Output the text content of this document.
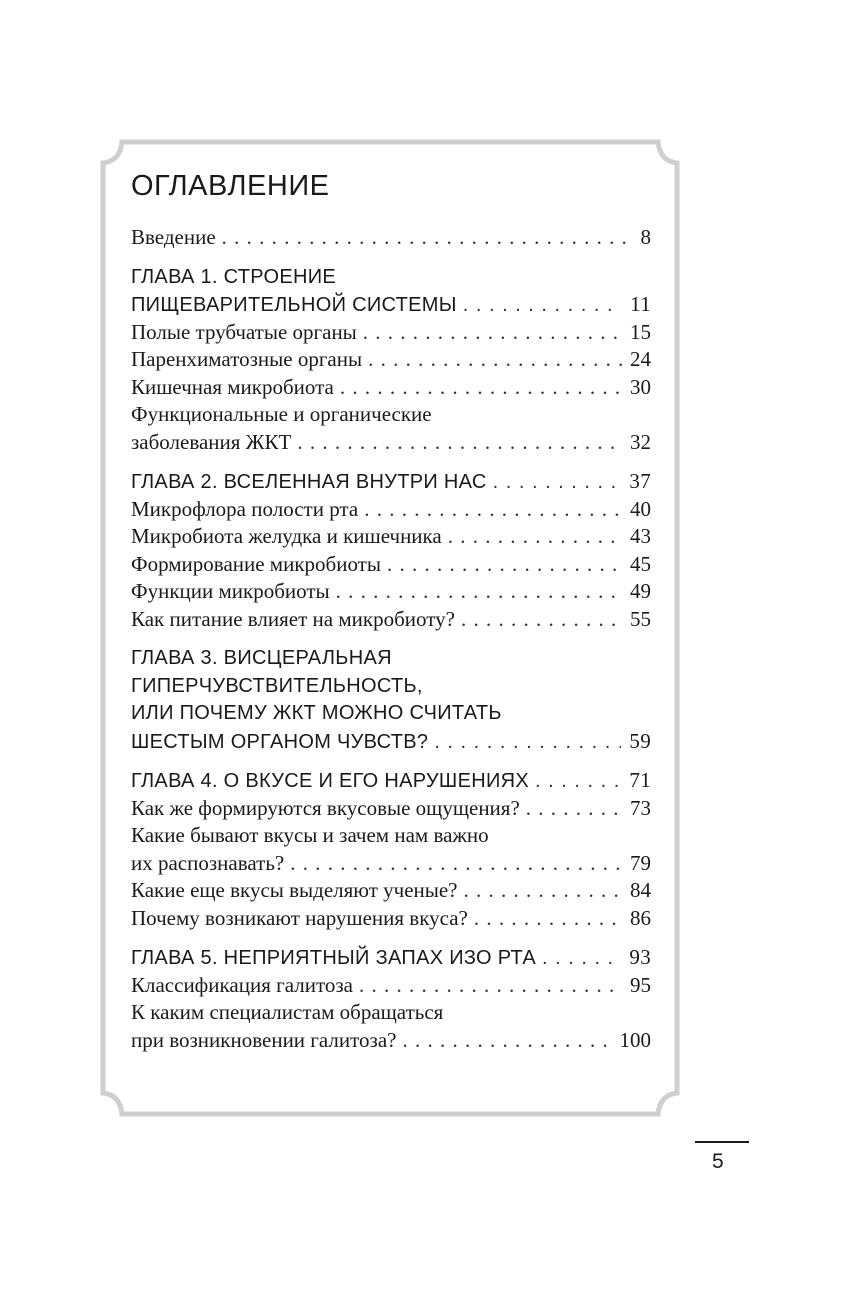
ОГЛАВЛЕНИЕ
Введение . . .	8
ГЛАВА 1. СТРОЕНИЕ
ПИЩЕВАРИТЕЛЬНОЙ СИСТЕМЫ . . .	11
Полые трубчатые органы . . .	15
Паренхиматозные органы . . .	24
Кишечная микробиота . . .	30
Функциональные и органические
заболевания ЖКТ . . .	32
ГЛАВА 2. ВСЕЛЕННАЯ ВНУТРИ НАС . . .	37
Микрофлора полости рта . . .	40
Микробиота желудка и кишечника . . .	43
Формирование микробиоты . . .	45
Функции микробиоты . . .	49
Как питание влияет на микробиоту? . . .	55
ГЛАВА 3. ВИСЦЕРАЛЬНАЯ
ГИПЕРЧУВСТВИТЕЛЬНОСТЬ,
ИЛИ ПОЧЕМУ ЖКТ МОЖНО СЧИТАТЬ
ШЕСТЫМ ОРГАНОМ ЧУВСТВ? . . .	59
ГЛАВА 4. О ВКУСЕ И ЕГО НАРУШЕНИЯХ . . .	71
Как же формируются вкусовые ощущения? . . .	73
Какие бывают вкусы и зачем нам важно
их распознавать? . . .	79
Какие еще вкусы выделяют ученые? . . .	84
Почему возникают нарушения вкуса? . . .	86
ГЛАВА 5. НЕПРИЯТНЫЙ ЗАПАХ ИЗО РТА . . .	93
Классификация галитоза . . .	95
К каким специалистам обращаться
при возникновении галитоза? . . .	100
5
